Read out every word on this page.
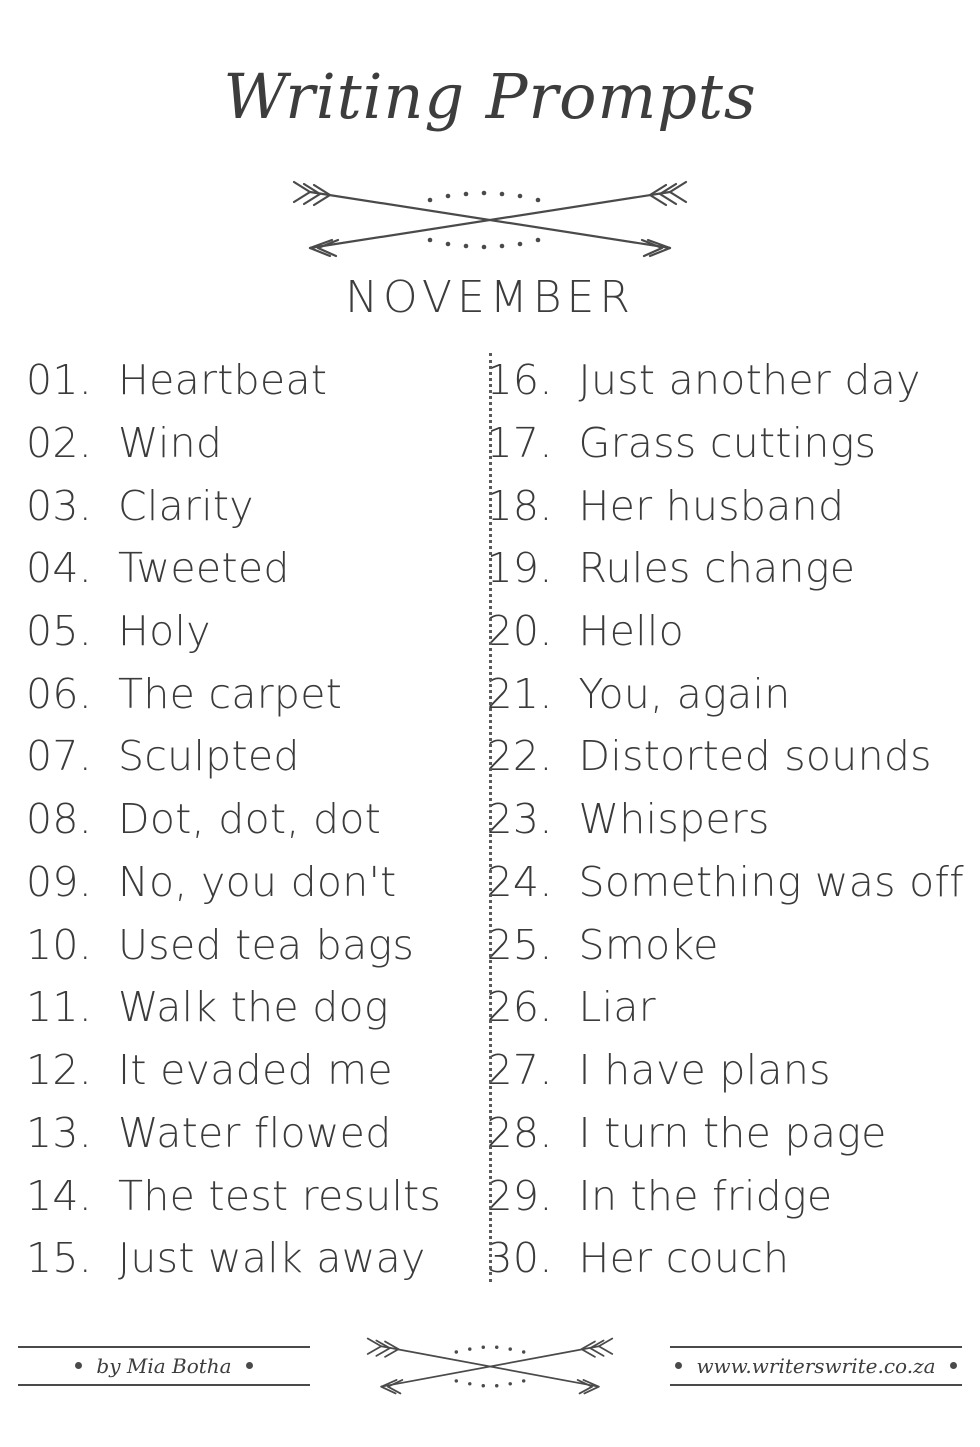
Writing Prompts
NOVEMBER
01. Heartbeat
02. Wind
03. Clarity
04. Tweeted
05. Holy
06. The carpet
07. Sculpted
08. Dot, dot, dot
09. No, you don't
10. Used tea bags
11. Walk the dog
12. It evaded me
13. Water flowed
14. The test results
15. Just walk away
16. Just another day
17. Grass cuttings
18. Her husband
19. Rules change
20. Hello
21. You, again
22. Distorted sounds
23. Whispers
24. Something was off
25. Smoke
26. Liar
27. I have plans
28. I turn the page
29. In the fridge
30. Her couch
by Mia Botha	www.writerswrite.co.za
